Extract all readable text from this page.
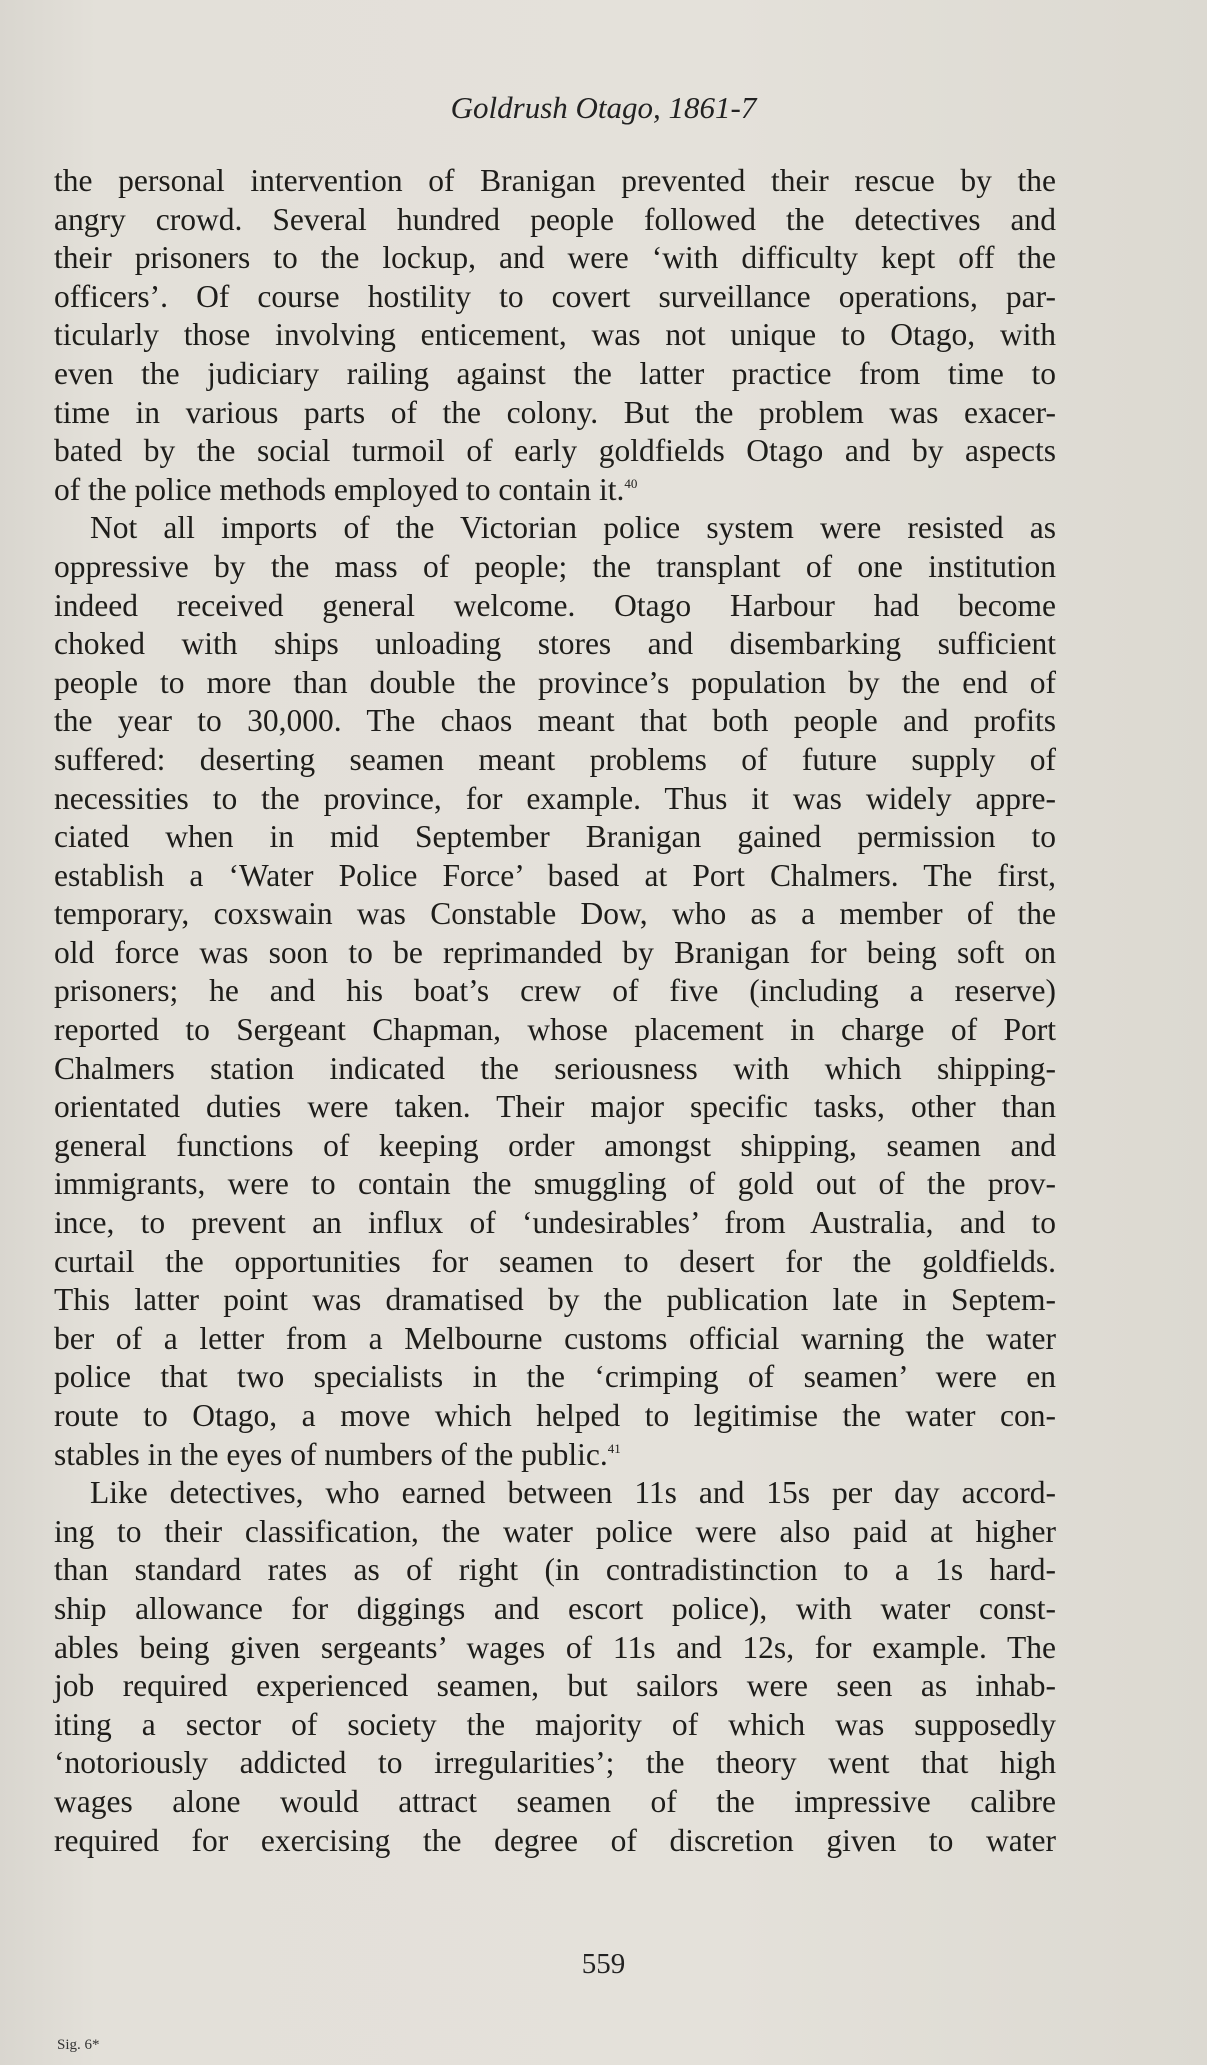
Goldrush Otago, 1861-7
the personal intervention of Branigan prevented their rescue by the
angry crowd. Several hundred people followed the detectives and
their prisoners to the lockup, and were ‘with difficulty kept off the
officers’. Of course hostility to covert surveillance operations, par-
ticularly those involving enticement, was not unique to Otago, with
even the judiciary railing against the latter practice from time to
time in various parts of the colony. But the problem was exacer-
bated by the social turmoil of early goldfields Otago and by aspects
of the police methods employed to contain it.$^{40}$
Not all imports of the Victorian police system were resisted as
oppressive by the mass of people; the transplant of one institution
indeed received general welcome. Otago Harbour had become
choked with ships unloading stores and disembarking sufficient
people to more than double the province’s population by the end of
the year to 30,000. The chaos meant that both people and profits
suffered: deserting seamen meant problems of future supply of
necessities to the province, for example. Thus it was widely appre-
ciated when in mid September Branigan gained permission to
establish a ‘Water Police Force’ based at Port Chalmers. The first,
temporary, coxswain was Constable Dow, who as a member of the
old force was soon to be reprimanded by Branigan for being soft on
prisoners; he and his boat’s crew of five (including a reserve)
reported to Sergeant Chapman, whose placement in charge of Port
Chalmers station indicated the seriousness with which shipping-
orientated duties were taken. Their major specific tasks, other than
general functions of keeping order amongst shipping, seamen and
immigrants, were to contain the smuggling of gold out of the prov-
ince, to prevent an influx of ‘undesirables’ from Australia, and to
curtail the opportunities for seamen to desert for the goldfields.
This latter point was dramatised by the publication late in Septem-
ber of a letter from a Melbourne customs official warning the water
police that two specialists in the ‘crimping of seamen’ were en
route to Otago, a move which helped to legitimise the water con-
stables in the eyes of numbers of the public.$^{41}$
Like detectives, who earned between 11s and 15s per day accord-
ing to their classification, the water police were also paid at higher
than standard rates as of right (in contradistinction to a 1s hard-
ship allowance for diggings and escort police), with water const-
ables being given sergeants’ wages of 11s and 12s, for example. The
job required experienced seamen, but sailors were seen as inhab-
iting a sector of society the majority of which was supposedly
‘notoriously addicted to irregularities’; the theory went that high
wages alone would attract seamen of the impressive calibre
required for exercising the degree of discretion given to water
559
Sig. 6*
